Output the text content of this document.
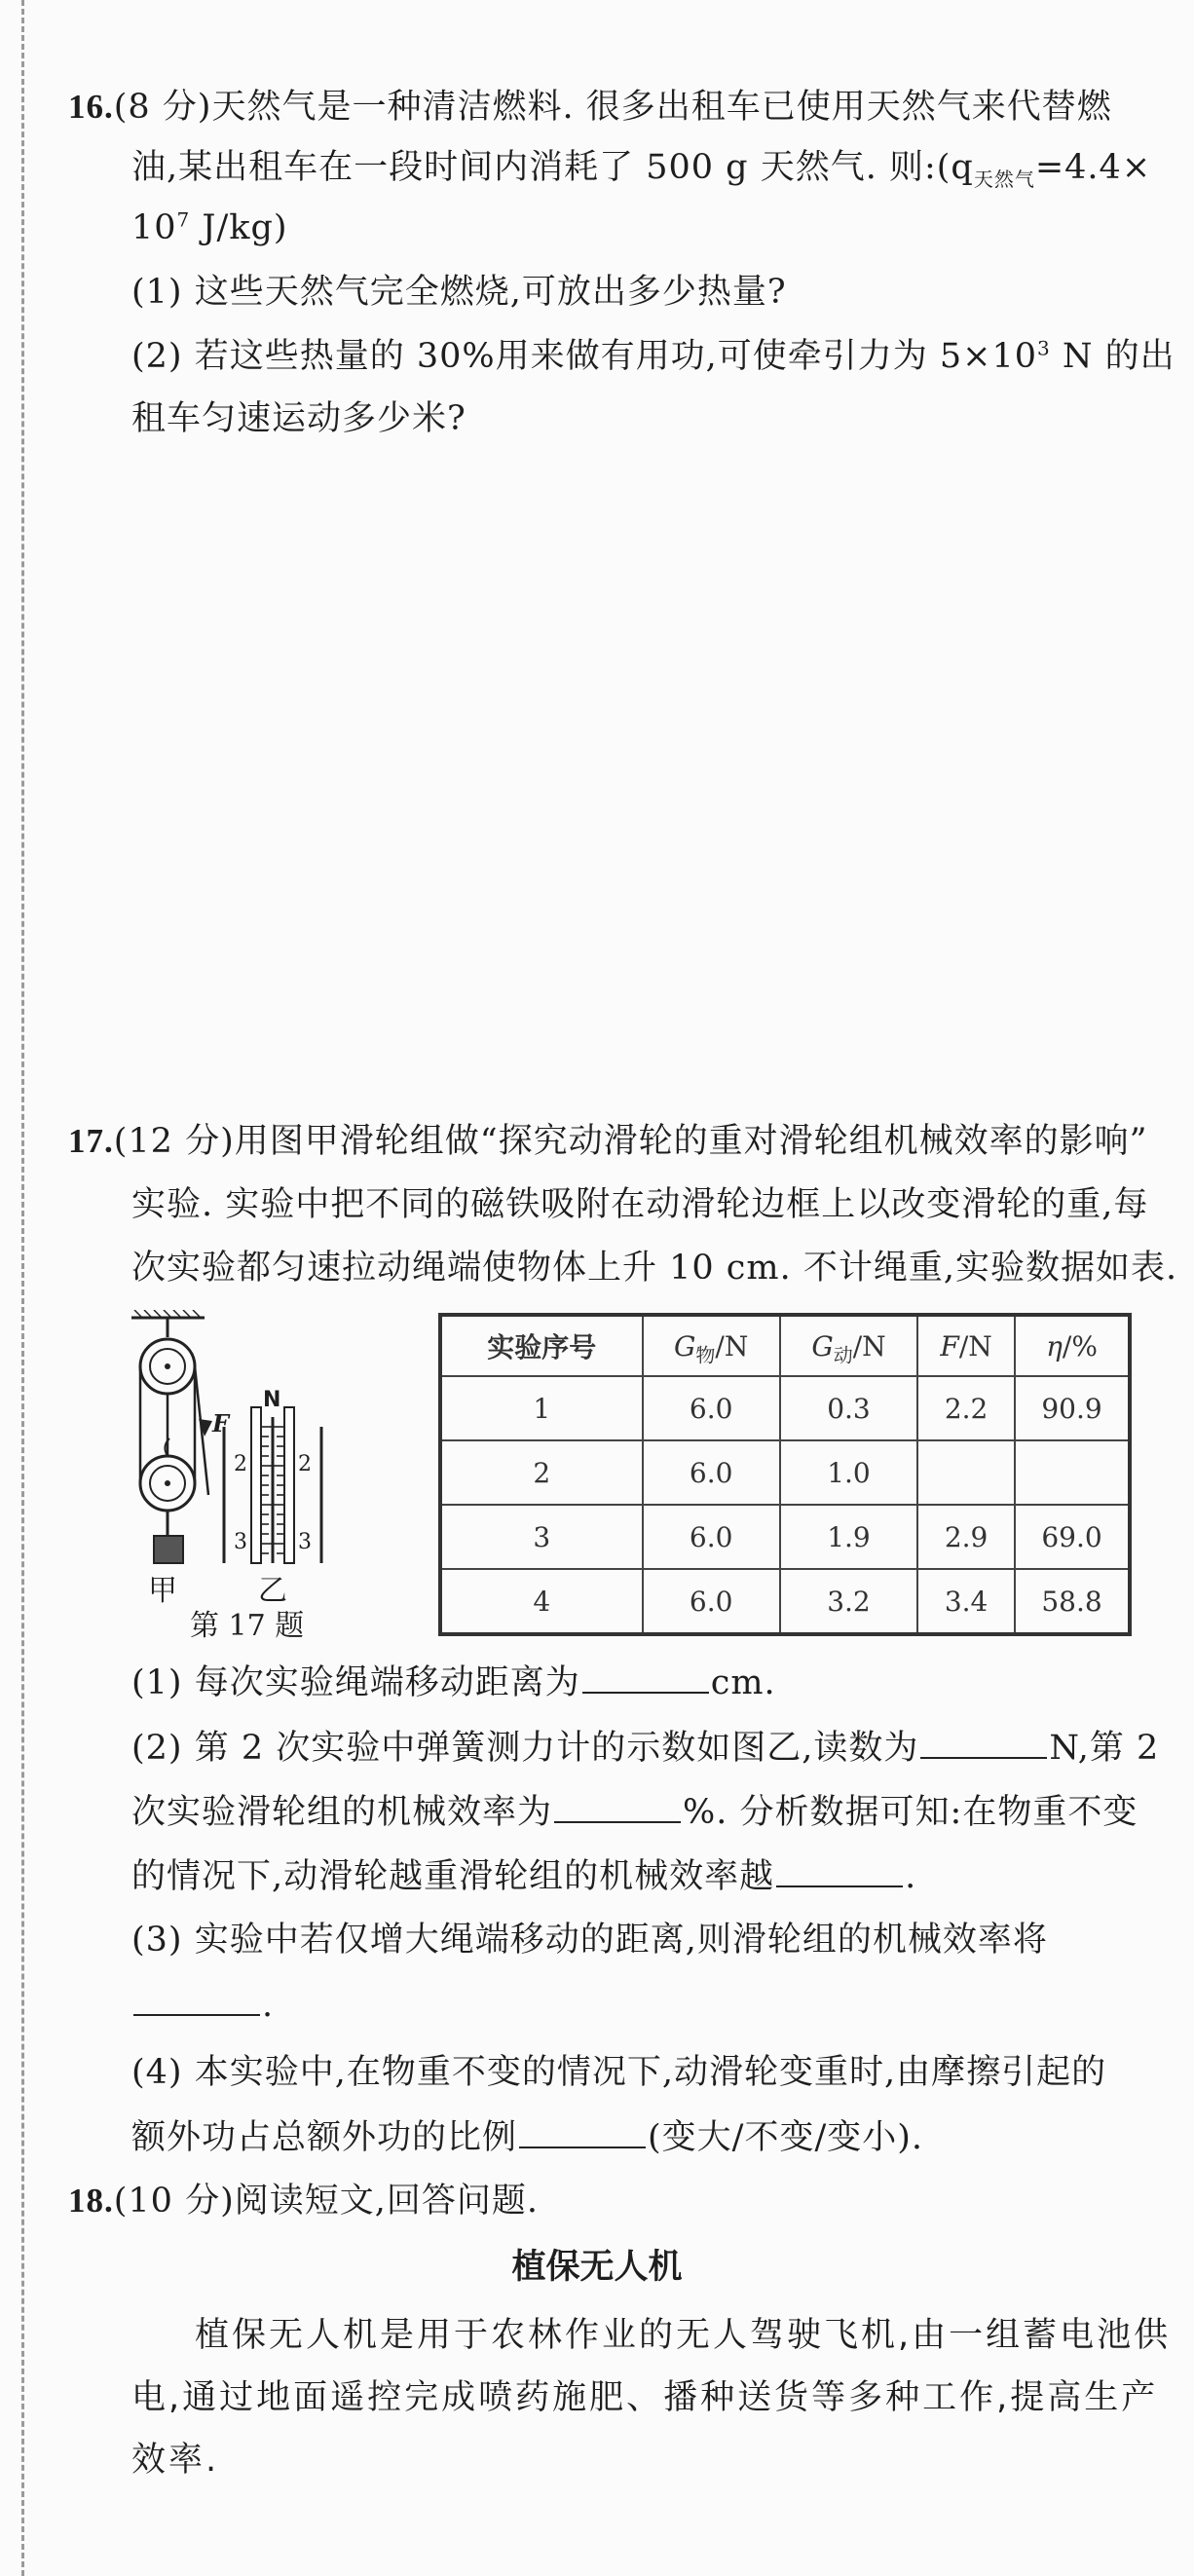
16.(8 分)天然气是一种清洁燃料. 很多出租车已使用天然气来代替燃
油,某出租车在一段时间内消耗了 500 g 天然气. 则$:(q_{天然气}=4.4\times$
$10^7$ J/kg)
(1) 这些天然气完全燃烧,可放出多少热量?
(2) 若这些热量的 30%用来做有用功,可使牵引力为 $5\times 10^3$ N 的出
租车匀速运动多少米?
17.(12 分)用图甲滑轮组做“探究动滑轮的重对滑轮组机械效率的影响”
实验. 实验中把不同的磁铁吸附在动滑轮边框上以改变滑轮的重,每
次实验都匀速拉动绳端使物体上升 10 cm. 不计绳重,实验数据如表.
F
N
2 2
3 3
甲	乙
第 17 题
实验序号	$G_物/N$	$G_动/N$	F/N	η/%
1	6.0	0.3	2.2	90.9
2	6.0	1.0		
3	6.0	1.9	2.9	69.0
4	6.0	3.2	3.4	58.8
(1) 每次实验绳端移动距离为	cm.
(2) 第 2 次实验中弹簧测力计的示数如图乙,读数为	N,第 2
次实验滑轮组的机械效率为	%. 分析数据可知:在物重不变
的情况下,动滑轮越重滑轮组的机械效率越	.
(3) 实验中若仅增大绳端移动的距离,则滑轮组的机械效率将
.
(4) 本实验中,在物重不变的情况下,动滑轮变重时,由摩擦引起的
额外功占总额外功的比例	(变大/不变/变小).
18.(10 分)阅读短文,回答问题.
植保无人机
植保无人机是用于农林作业的无人驾驶飞机,由一组蓄电池供
电,通过地面遥控完成喷药施肥、播种送货等多种工作,提高生产
效率.
